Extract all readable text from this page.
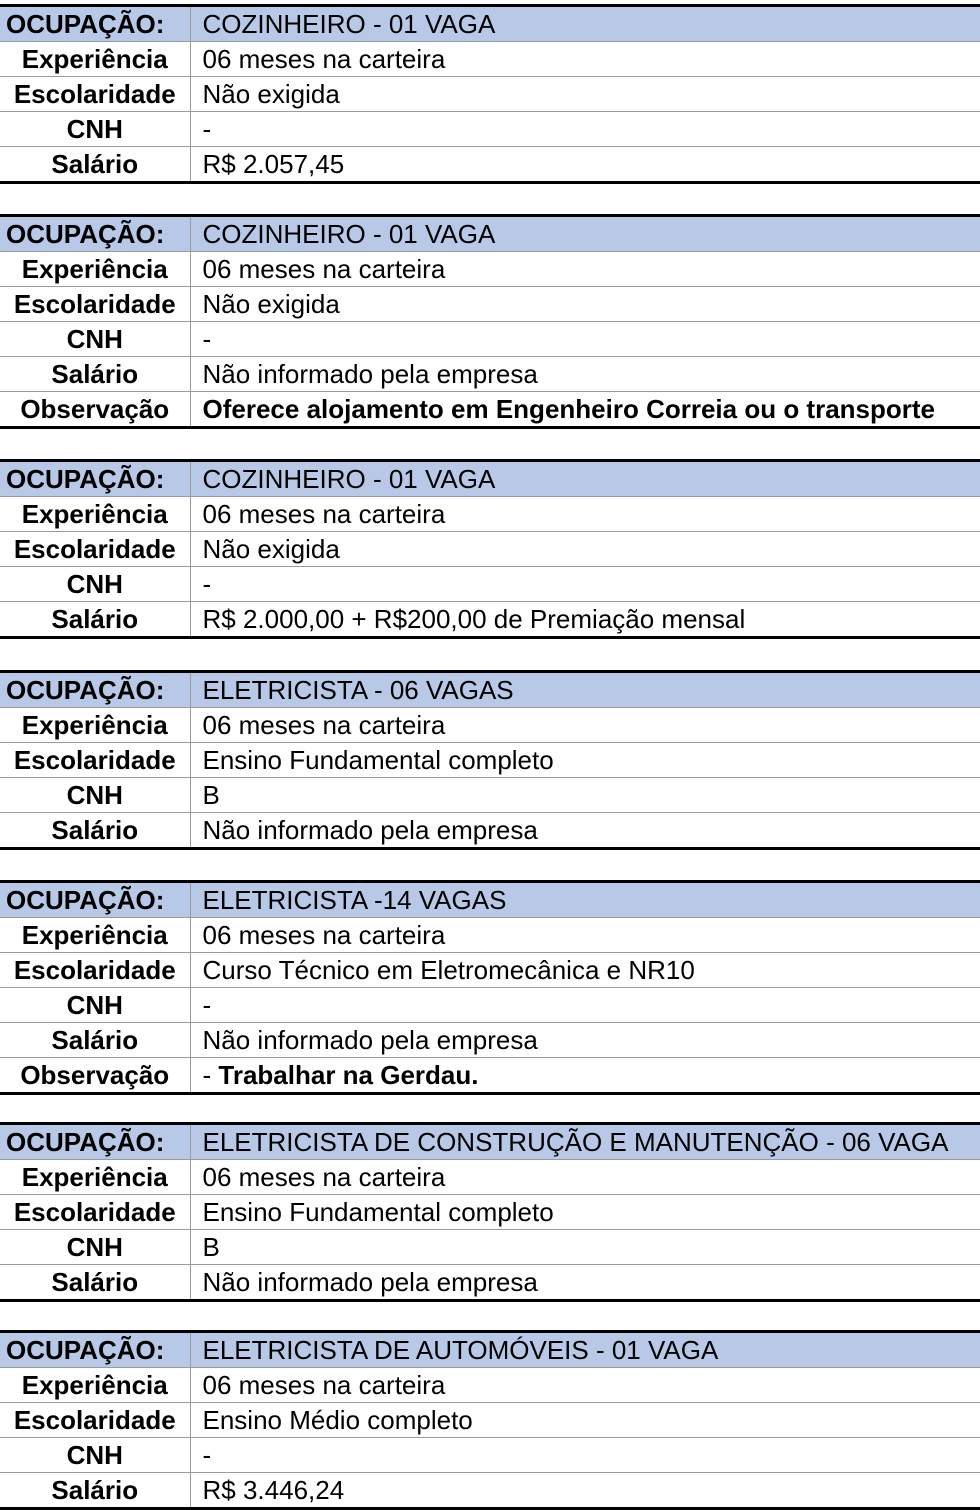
OCUPAÇÃO:	COZINHEIRO - 01 VAGA
Experiência	06 meses na carteira
Escolaridade	Não exigida
CNH	-
Salário	R$ 2.057,45
OCUPAÇÃO:	COZINHEIRO - 01 VAGA
Experiência	06 meses na carteira
Escolaridade	Não exigida
CNH	-
Salário	Não informado pela empresa
Observação	Oferece alojamento em Engenheiro Correia ou o transporte
OCUPAÇÃO:	COZINHEIRO - 01 VAGA
Experiência	06 meses na carteira
Escolaridade	Não exigida
CNH	-
Salário	R$ 2.000,00 + R$200,00 de Premiação mensal
OCUPAÇÃO:	ELETRICISTA - 06 VAGAS
Experiência	06 meses na carteira
Escolaridade	Ensino Fundamental completo
CNH	B
Salário	Não informado pela empresa
OCUPAÇÃO:	ELETRICISTA -14 VAGAS
Experiência	06 meses na carteira
Escolaridade	Curso Técnico em Eletromecânica e NR10
CNH	-
Salário	Não informado pela empresa
Observação	- Trabalhar na Gerdau.
OCUPAÇÃO:	ELETRICISTA DE CONSTRUÇÃO E MANUTENÇÃO - 06 VAGA
Experiência	06 meses na carteira
Escolaridade	Ensino Fundamental completo
CNH	B
Salário	Não informado pela empresa
OCUPAÇÃO:	ELETRICISTA DE AUTOMÓVEIS - 01 VAGA
Experiência	06 meses na carteira
Escolaridade	Ensino Médio completo
CNH	-
Salário	R$ 3.446,24
